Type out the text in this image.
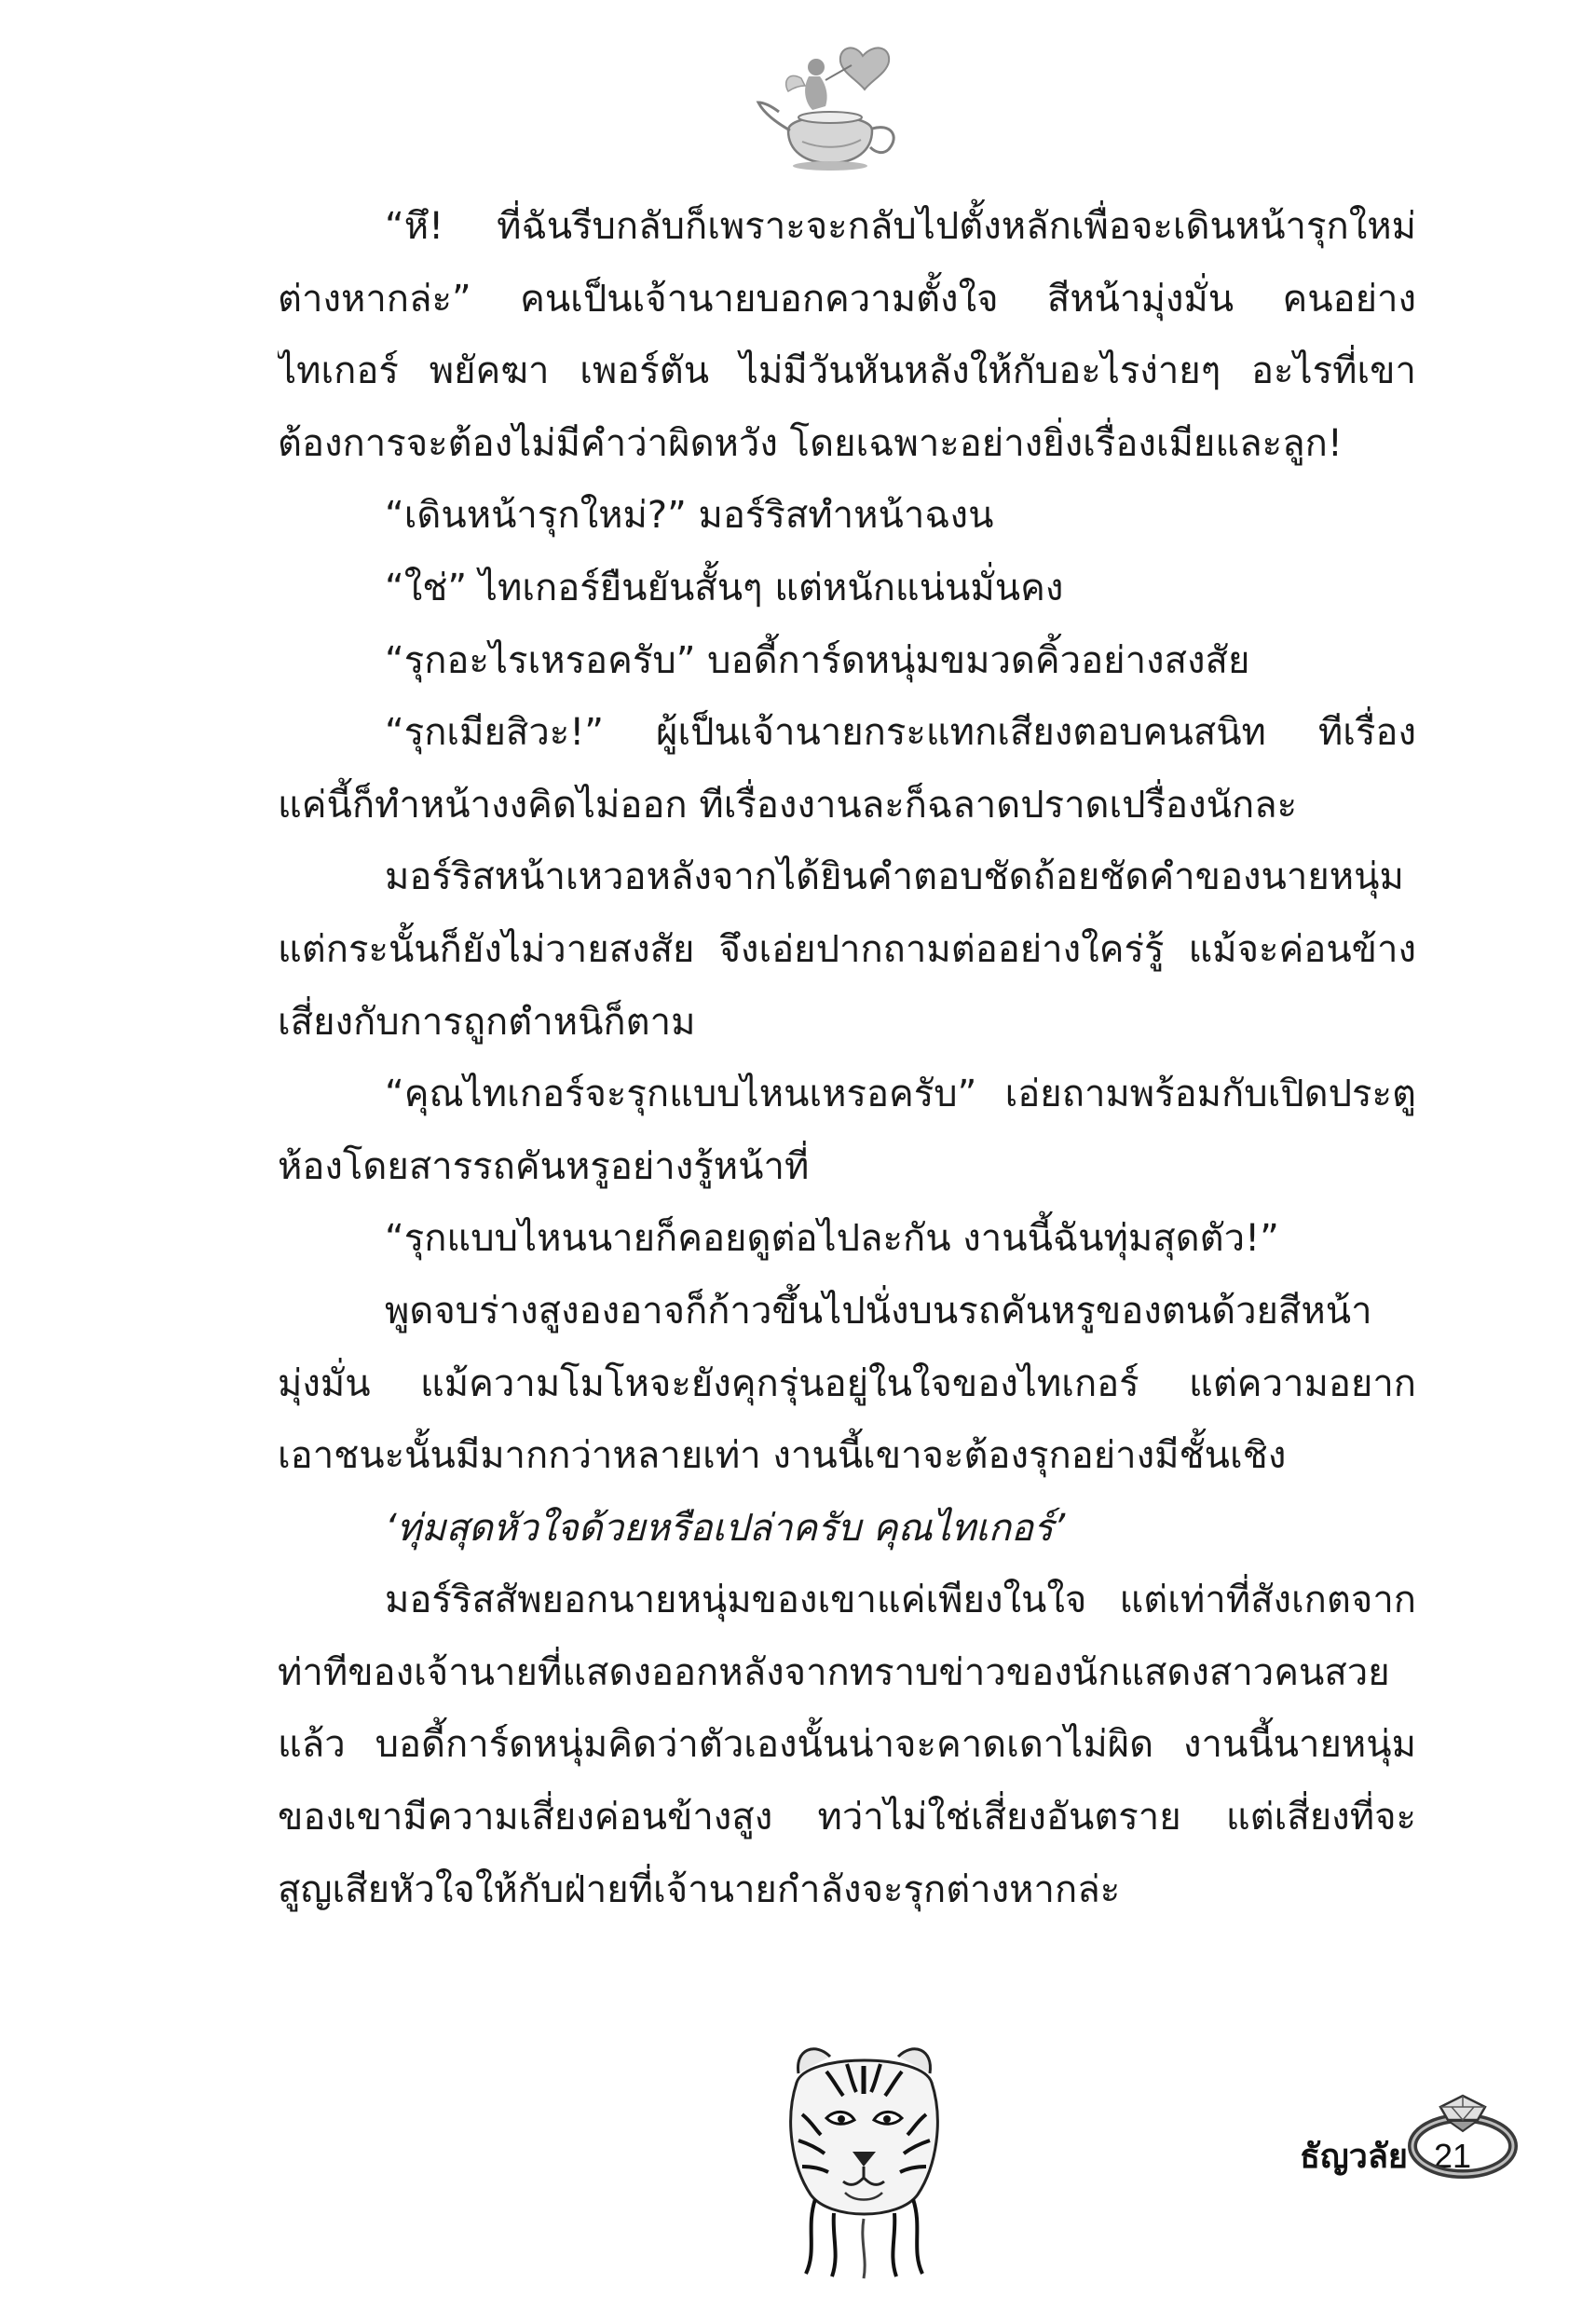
“หึ! ที่ฉันรีบกลับก็เพราะจะกลับไปตั้งหลักเพื่อจะเดินหน้ารุกใหม่
ต่างหากล่ะ” คนเป็นเจ้านายบอกความตั้งใจ สีหน้ามุ่งมั่น คนอย่าง
ไทเกอร์ พยัคฆา เพอร์ตัน ไม่มีวันหันหลังให้กับอะไรง่ายๆ อะไรที่เขา
ต้องการจะต้องไม่มีคำว่าผิดหวัง โดยเฉพาะอย่างยิ่งเรื่องเมียและลูก!
“เดินหน้ารุกใหม่?” มอร์ริสทำหน้าฉงน
“ใช่” ไทเกอร์ยืนยันสั้นๆ แต่หนักแน่นมั่นคง
“รุกอะไรเหรอครับ” บอดี้การ์ดหนุ่มขมวดคิ้วอย่างสงสัย
“รุกเมียสิวะ!” ผู้เป็นเจ้านายกระแทกเสียงตอบคนสนิท ทีเรื่อง
แค่นี้ก็ทำหน้างงคิดไม่ออก ทีเรื่องงานละก็ฉลาดปราดเปรื่องนักละ
มอร์ริสหน้าเหวอหลังจากได้ยินคำตอบชัดถ้อยชัดคำของนายหนุ่ม
แต่กระนั้นก็ยังไม่วายสงสัย จึงเอ่ยปากถามต่ออย่างใคร่รู้ แม้จะค่อนข้าง
เสี่ยงกับการถูกตำหนิก็ตาม
“คุณไทเกอร์จะรุกแบบไหนเหรอครับ” เอ่ยถามพร้อมกับเปิดประตู
ห้องโดยสารรถคันหรูอย่างรู้หน้าที่
“รุกแบบไหนนายก็คอยดูต่อไปละกัน งานนี้ฉันทุ่มสุดตัว!”
พูดจบร่างสูงองอาจก็ก้าวขึ้นไปนั่งบนรถคันหรูของตนด้วยสีหน้า
มุ่งมั่น แม้ความโมโหจะยังคุกรุ่นอยู่ในใจของไทเกอร์ แต่ความอยาก
เอาชนะนั้นมีมากกว่าหลายเท่า งานนี้เขาจะต้องรุกอย่างมีชั้นเชิง
‘ทุ่มสุดหัวใจด้วยหรือเปล่าครับ คุณไทเกอร์’
มอร์ริสสัพยอกนายหนุ่มของเขาแค่เพียงในใจ แต่เท่าที่สังเกตจาก
ท่าทีของเจ้านายที่แสดงออกหลังจากทราบข่าวของนักแสดงสาวคนสวย
แล้ว บอดี้การ์ดหนุ่มคิดว่าตัวเองนั้นน่าจะคาดเดาไม่ผิด งานนี้นายหนุ่ม
ของเขามีความเสี่ยงค่อนข้างสูง ทว่าไม่ใช่เสี่ยงอันตราย แต่เสี่ยงที่จะ
สูญเสียหัวใจให้กับฝ่ายที่เจ้านายกำลังจะรุกต่างหากล่ะ
ธัญวลัย 21
